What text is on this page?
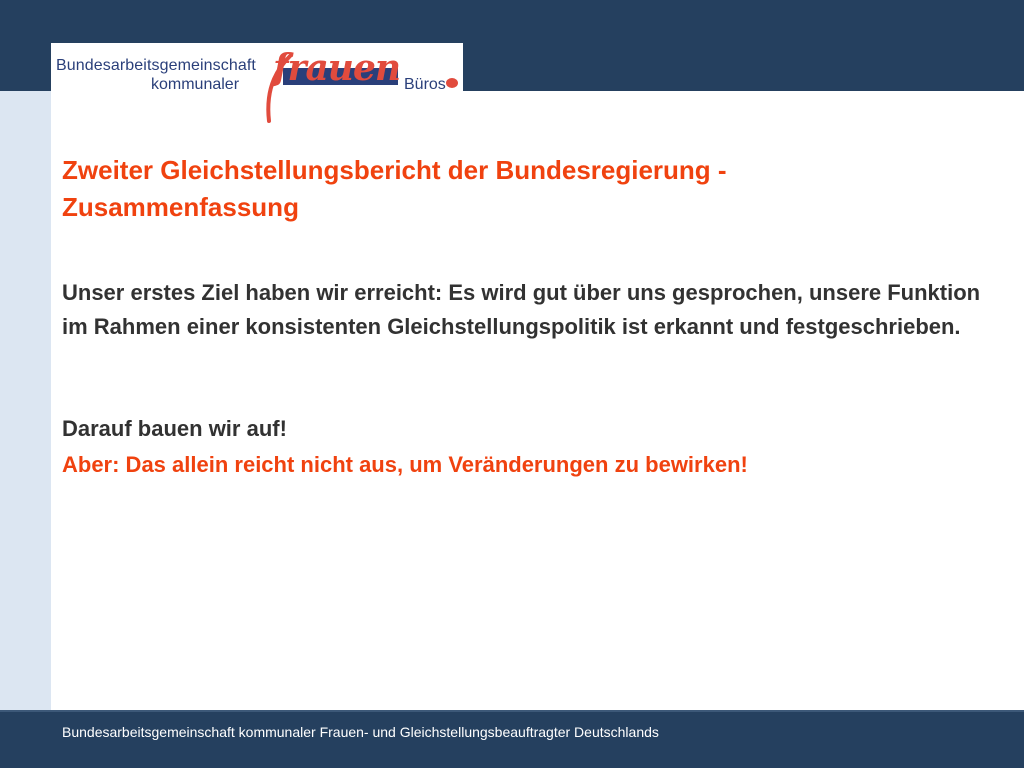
Bundesarbeitsgemeinschaft
kommunaler frauen Büros
Zweiter Gleichstellungsbericht der Bundesregierung - Zusammenfassung
Unser erstes Ziel haben wir erreicht: Es wird gut über uns gesprochen, unsere Funktion im Rahmen einer konsistenten Gleichstellungspolitik ist erkannt und festgeschrieben.
Darauf bauen wir auf!
Aber: Das allein reicht nicht aus, um Veränderungen zu bewirken!
Bundesarbeitsgemeinschaft kommunaler Frauen- und Gleichstellungsbeauftragter Deutschlands
